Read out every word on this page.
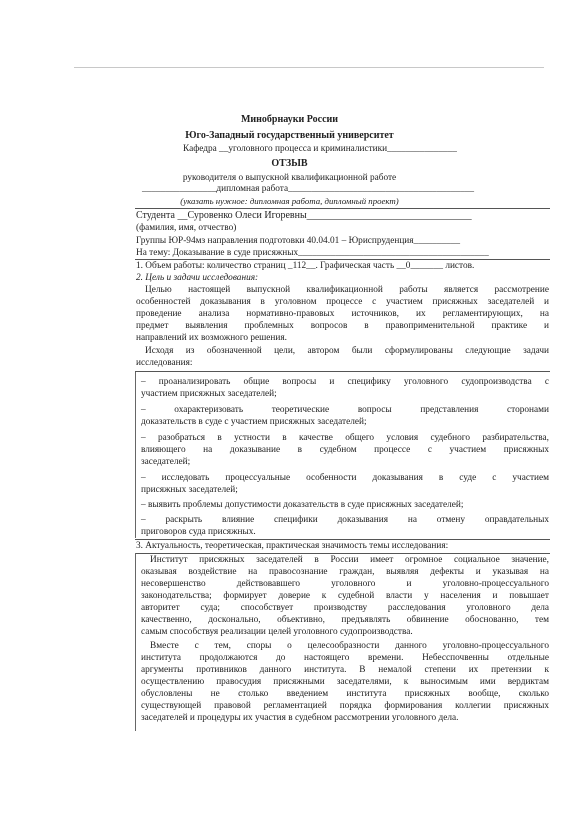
Минобрнауки России
Юго-Западный государственный университет
Кафедра __уголовного процесса и криминалистики_______________
ОТЗЫВ
руководителя о выпускной квалификационной работе
________________дипломная работа________________________________________
(указать нужное: дипломная работа, дипломный проект)
Студента __Суровенко Олеси Игоревны_________________________________
(фамилия, имя, отчество)
Группы ЮР-94мз направления подготовки 40.04.01 – Юриспруденция__________
На тему: Доказывание в суде присяжных_________________________________________
1. Объем работы: количество страниц _112__. Графическая часть __0_______ листов.
2. Цель и задачи исследования:
Целью настоящей выпускной квалификационной работы является рассмотрение
особенностей доказывания в уголовном процессе с участием присяжных заседателей и
проведение анализа нормативно-правовых источников, их регламентирующих, на
предмет выявления проблемных вопросов в правоприменительной практике и
направлений их возможного решения.
Исходя из обозначенной цели, автором были сформулированы следующие задачи
исследования:
– проанализировать общие вопросы и специфику уголовного судопроизводства с
участием присяжных заседателей;
– охарактеризовать теоретические вопросы представления сторонами
доказательств в суде с участием присяжных заседателей;
– разобраться в устности в качестве общего условия судебного разбирательства,
влияющего на доказывание в судебном процессе с участием присяжных
заседателей;
– исследовать процессуальные особенности доказывания в суде с участием
присяжных заседателей;
– выявить проблемы допустимости доказательств в суде присяжных заседателей;
– раскрыть влияние специфики доказывания на отмену оправдательных
приговоров суда присяжных.
3. Актуальность, теоретическая, практическая значимость темы исследования:
Институт присяжных заседателей в России имеет огромное социальное значение,
оказывая воздействие на правосознание граждан, выявляя дефекты и указывая на
несовершенство действовавшего уголовного и уголовно-процессуального
законодательства; формирует доверие к судебной власти у населения и повышает
авторитет суда; способствует производству расследования уголовного дела
качественно, досконально, объективно, предъявлять обвинение обоснованно, тем
самым способствуя реализации целей уголовного судопроизводства.
Вместе с тем, споры о целесообразности данного уголовно-процессуального
института продолжаются до настоящего времени. Небесспочвенны отдельные
аргументы противников данного института. В немалой степени их претензии к
осуществлению правосудия присяжными заседателями, к выносимым ими вердиктам
обусловлены не столько введением института присяжных вообще, сколько
существующей правовой регламентацией порядка формирования коллегии присяжных
заседателей и процедуры их участия в судебном рассмотрении уголовного дела.
